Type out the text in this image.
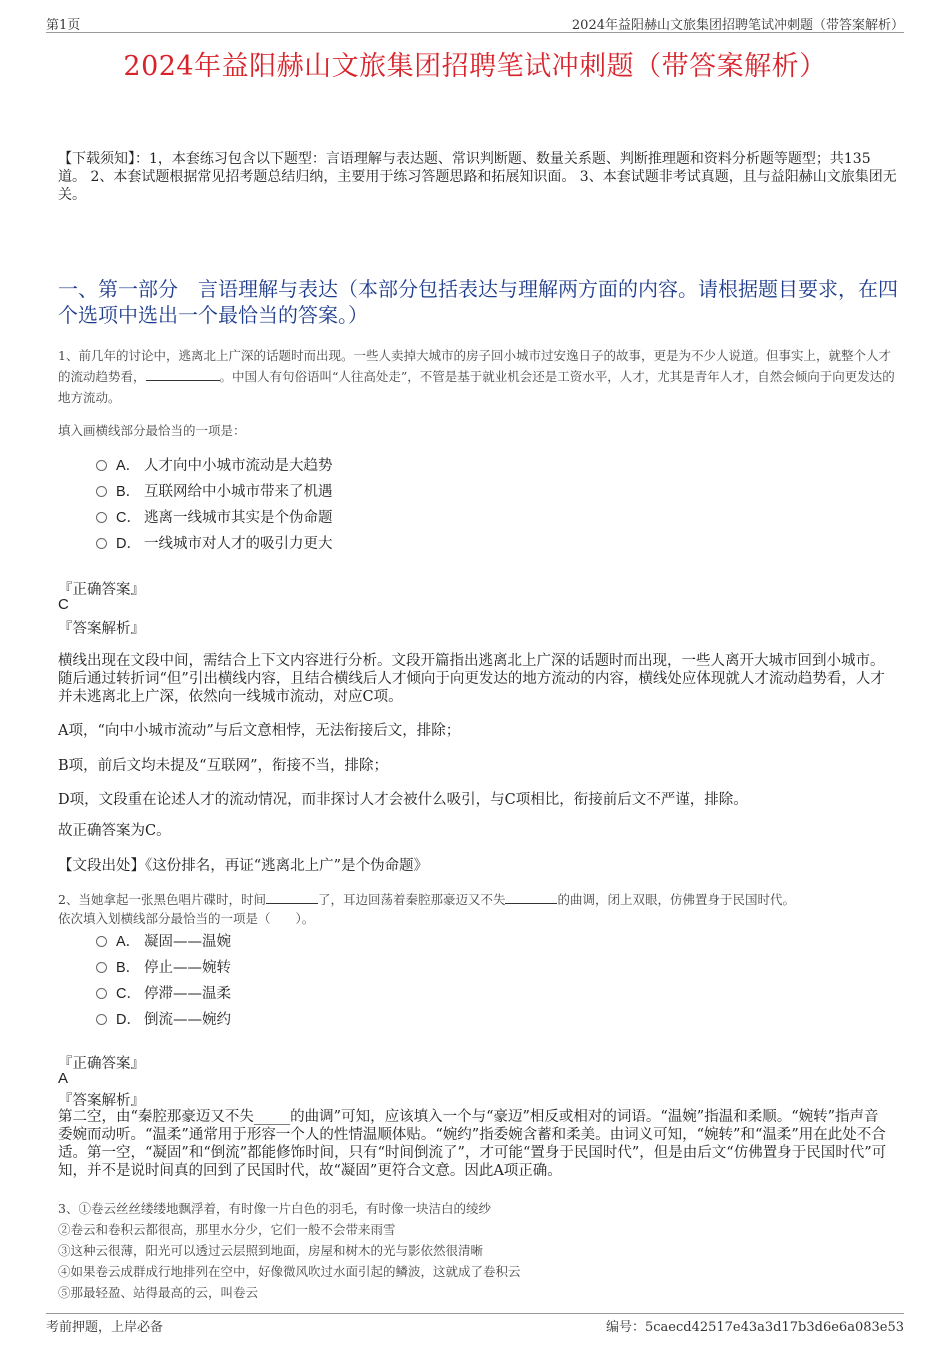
第1页	2024年益阳赫山文旅集团招聘笔试冲刺题（带答案解析）
2024年益阳赫山文旅集团招聘笔试冲刺题（带答案解析）
【下载须知】：1，本套练习包含以下题型：言语理解与表达题、常识判断题、数量关系题、判断推理题和资料分析题等题型；共135道。 2、本套试题根据常见招考题总结归纳，主要用于练习答题思路和拓展知识面。 3、本套试题非考试真题，且与益阳赫山文旅集团无关。
一、第一部分　言语理解与表达（本部分包括表达与理解两方面的内容。请根据题目要求，在四个选项中选出一个最恰当的答案。）
1、前几年的讨论中，逃离北上广深的话题时而出现。一些人卖掉大城市的房子回小城市过安逸日子的故事，更是为不少人说道。但事实上，就整个人才的流动趋势看，	。中国人有句俗语叫“人往高处走”，不管是基于就业机会还是工资水平，人才，尤其是青年人才，自然会倾向于向更发达的地方流动。
填入画横线部分最恰当的一项是：
A． 人才向中小城市流动是大趋势
B． 互联网给中小城市带来了机遇
C． 逃离一线城市其实是个伪命题
D． 一线城市对人才的吸引力更大
『正确答案』
C
『答案解析』
横线出现在文段中间，需结合上下文内容进行分析。文段开篇指出逃离北上广深的话题时而出现，一些人离开大城市回到小城市。随后通过转折词“但”引出横线内容，且结合横线后人才倾向于向更发达的地方流动的内容，横线处应体现就人才流动趋势看，人才并未逃离北上广深，依然向一线城市流动，对应C项。
A项，“向中小城市流动”与后文意相悖，无法衔接后文，排除；
B项，前后文均未提及“互联网”，衔接不当，排除；
D项，文段重在论述人才的流动情况，而非探讨人才会被什么吸引，与C项相比，衔接前后文不严谨，排除。
故正确答案为C。
【文段出处】《这份排名，再证“逃离北上广”是个伪命题》
2、当她拿起一张黑色唱片碟时，时间	了，耳边回荡着秦腔那豪迈又不失	的曲调，闭上双眼，仿佛置身于民国时代。
依次填入划横线部分最恰当的一项是（　　）。
A． 凝固——温婉
B． 停止——婉转
C． 停滞——温柔
D． 倒流——婉约
『正确答案』
A
『答案解析』
第二空，由“秦腔那豪迈又不失_____的曲调”可知，应该填入一个与“豪迈”相反或相对的词语。“温婉”指温和柔顺。“婉转”指声音委婉而动听。“温柔”通常用于形容一个人的性情温顺体贴。“婉约”指委婉含蓄和柔美。由词义可知，“婉转”和“温柔”用在此处不合适。第一空，“凝固”和“倒流”都能修饰时间，只有“时间倒流了”，才可能“置身于民国时代”，但是由后文“仿佛置身于民国时代”可知，并不是说时间真的回到了民国时代，故“凝固”更符合文意。因此A项正确。
3、①卷云丝丝缕缕地飘浮着，有时像一片白色的羽毛，有时像一块洁白的绫纱
②卷云和卷积云都很高，那里水分少，它们一般不会带来雨雪
③这种云很薄，阳光可以透过云层照到地面，房屋和树木的光与影依然很清晰
④如果卷云成群成行地排列在空中，好像微风吹过水面引起的鳞波，这就成了卷积云
⑤那最轻盈、站得最高的云，叫卷云
考前押题，上岸必备	编号：5caecd42517e43a3d17b3d6e6a083e53
